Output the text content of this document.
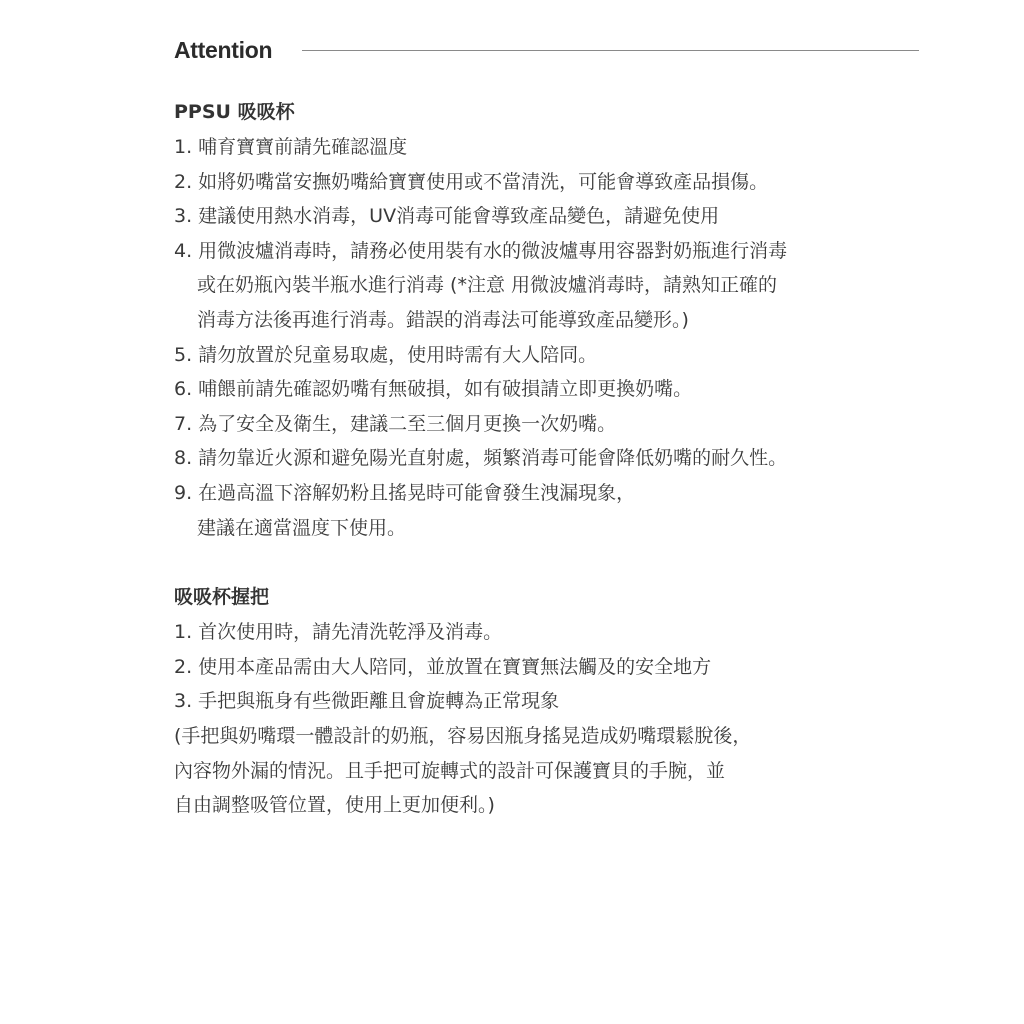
Attention
PPSU 吸吸杯
1. 哺育寶寶前請先確認溫度
2. 如將奶嘴當安撫奶嘴給寶寶使用或不當清洗，可能會導致產品損傷。
3. 建議使用熱水消毒，UV消毒可能會導致產品變色，請避免使用
4. 用微波爐消毒時，請務必使用裝有水的微波爐專用容器對奶瓶進行消毒
或在奶瓶內裝半瓶水進行消毒 (*注意 用微波爐消毒時，請熟知正確的
消毒方法後再進行消毒。錯誤的消毒法可能導致產品變形。)
5. 請勿放置於兒童易取處，使用時需有大人陪同。
6. 哺餵前請先確認奶嘴有無破損，如有破損請立即更換奶嘴。
7. 為了安全及衛生，建議二至三個月更換一次奶嘴。
8. 請勿靠近火源和避免陽光直射處，頻繁消毒可能會降低奶嘴的耐久性。
9. 在過高溫下溶解奶粉且搖晃時可能會發生洩漏現象，
建議在適當溫度下使用。
吸吸杯握把
1. 首次使用時，請先清洗乾淨及消毒。
2. 使用本產品需由大人陪同，並放置在寶寶無法觸及的安全地方
3. 手把與瓶身有些微距離且會旋轉為正常現象
(手把與奶嘴環一體設計的奶瓶，容易因瓶身搖晃造成奶嘴環鬆脫後，
內容物外漏的情況。且手把可旋轉式的設計可保護寶貝的手腕，並
自由調整吸管位置，使用上更加便利。)
